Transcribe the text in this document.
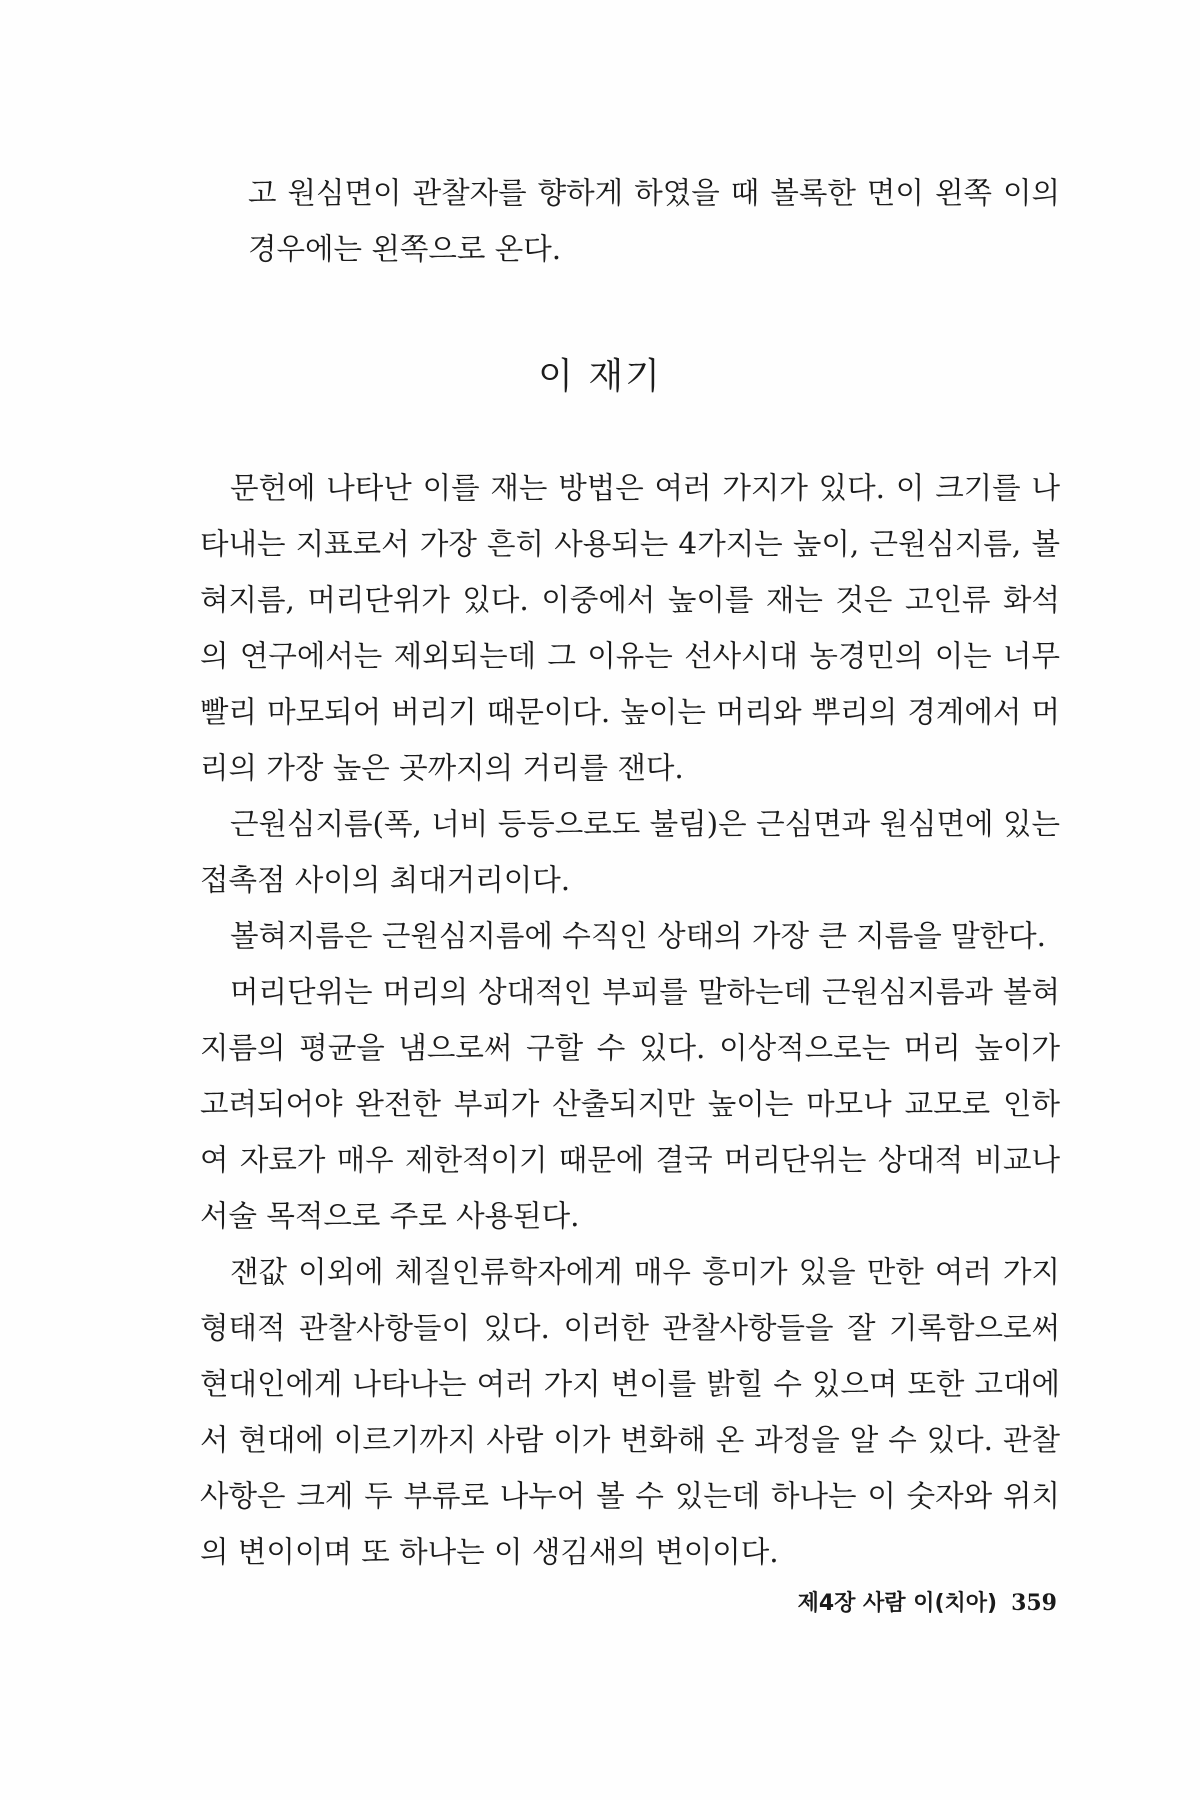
고 원심면이 관찰자를 향하게 하였을 때 볼록한 면이 왼쪽 이의 경우에는 왼쪽으로 온다.

이 재기

문헌에 나타난 이를 재는 방법은 여러 가지가 있다. 이 크기를 나타내는 지표로서 가장 흔히 사용되는 4가지는 높이, 근원심지름, 볼혀지름, 머리단위가 있다. 이중에서 높이를 재는 것은 고인류 화석의 연구에서는 제외되는데 그 이유는 선사시대 농경민의 이는 너무 빨리 마모되어 버리기 때문이다. 높이는 머리와 뿌리의 경계에서 머리의 가장 높은 곳까지의 거리를 잰다.

근원심지름(폭, 너비 등등으로도 불림)은 근심면과 원심면에 있는 접촉점 사이의 최대거리이다.

볼혀지름은 근원심지름에 수직인 상태의 가장 큰 지름을 말한다.

머리단위는 머리의 상대적인 부피를 말하는데 근원심지름과 볼혀지름의 평균을 냄으로써 구할 수 있다. 이상적으로는 머리 높이가 고려되어야 완전한 부피가 산출되지만 높이는 마모나 교모로 인하여 자료가 매우 제한적이기 때문에 결국 머리단위는 상대적 비교나 서술 목적으로 주로 사용된다.

잰값 이외에 체질인류학자에게 매우 흥미가 있을 만한 여러 가지 형태적 관찰사항들이 있다. 이러한 관찰사항들을 잘 기록함으로써 현대인에게 나타나는 여러 가지 변이를 밝힐 수 있으며 또한 고대에서 현대에 이르기까지 사람 이가 변화해 온 과정을 알 수 있다. 관찰사항은 크게 두 부류로 나누어 볼 수 있는데 하나는 이 숫자와 위치의 변이이며 또 하나는 이 생김새의 변이이다.

제4장 사람 이(치아) 359
